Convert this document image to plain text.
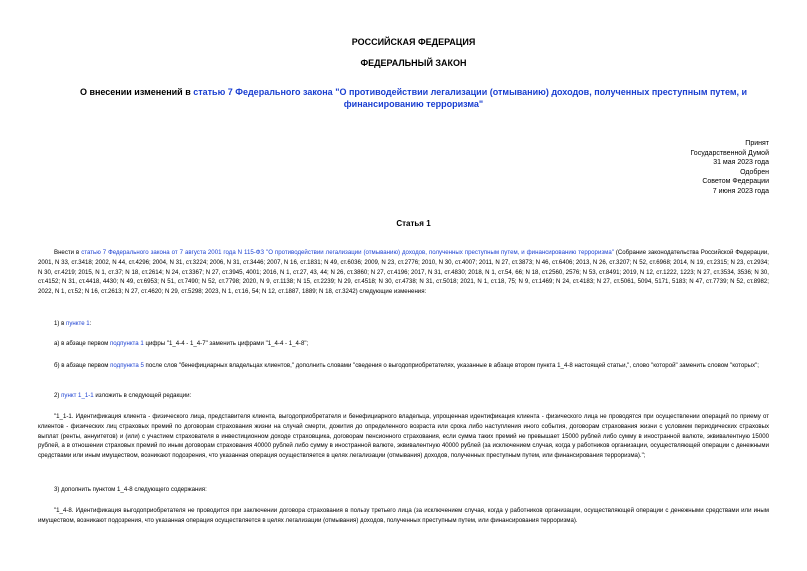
РОССИЙСКАЯ ФЕДЕРАЦИЯ
ФЕДЕРАЛЬНЫЙ ЗАКОН
О внесении изменений в статью 7 Федерального закона "О противодействии легализации (отмыванию) доходов, полученных преступным путем, и финансированию терроризма"
Принят
Государственной Думой
31 мая 2023 года
Одобрен
Советом Федерации
7 июня 2023 года
Статья 1
Внести в статью 7 Федерального закона от 7 августа 2001 года N 115-ФЗ "О противодействии легализации (отмыванию) доходов, полученных преступным путем, и финансированию терроризма" (Собрание законодательства Российской Федерации, 2001, N 33, ст.3418; 2002, N 44, ст.4296; 2004, N 31, ст.3224; 2006, N 31, ст.3446; 2007, N 16, ст.1831; N 49, ст.6036; 2009, N 23, ст.2776; 2010, N 30, ст.4007; 2011, N 27, ст.3873; N 46, ст.6406; 2013, N 26, ст.3207; N 52, ст.6968; 2014, N 19, ст.2315; N 23, ст.2934; N 30, ст.4219; 2015, N 1, ст.37; N 18, ст.2614; N 24, ст.3367; N 27, ст.3945, 4001; 2016, N 1, ст.27, 43, 44; N 26, ст.3860; N 27, ст.4196; 2017, N 31, ст.4830; 2018, N 1, ст.54, 66; N 18, ст.2560, 2576; N 53, ст.8491; 2019, N 12, ст.1222, 1223; N 27, ст.3534, 3536; N 30, ст.4152; N 31, ст.4418, 4430; N 49, ст.6953; N 51, ст.7490; N 52, ст.7798; 2020, N 9, ст.1138; N 15, ст.2239; N 29, ст.4518; N 30, ст.4738; N 31, ст.5018; 2021, N 1, ст.18, 75; N 9, ст.1469; N 24, ст.4183; N 27, ст.5061, 5094, 5171, 5183; N 47, ст.7739; N 52, ст.8982; 2022, N 1, ст.52; N 16, ст.2613; N 27, ст.4620; N 29, ст.5298; 2023, N 1, ст.16, 54; N 12, ст.1887, 1889; N 18, ст.3242) следующие изменения:
1) в пункте 1:
а) в абзаце первом подпункта 1 цифры "1_4-4 - 1_4-7" заменить цифрами "1_4-4 - 1_4-8";
б) в абзаце первом подпункта 5 после слов "бенефициарных владельцах клиентов," дополнить словами "сведения о выгодоприобретателях, указанные в абзаце втором пункта 1_4-8 настоящей статьи,", слово "которой" заменить словом "которых";
2) пункт 1_1-1 изложить в следующей редакции:
"1_1-1. Идентификация клиента - физического лица, представителя клиента, выгодоприобретателя и бенефициарного владельца, упрощенная идентификация клиента - физического лица не проводятся при осуществлении операций по приему от клиентов - физических лиц страховых премий по договорам страхования жизни на случай смерти, дожития до определенного возраста или срока либо наступления иного события, договорам страхования жизни с условием периодических страховых выплат (ренты, аннуитетов) и (или) с участием страхователя в инвестиционном доходе страховщика, договорам пенсионного страхования, если сумма таких премий не превышает 15000 рублей либо сумму в иностранной валюте, эквивалентную 15000 рублей, а в отношении страховых премий по иным договорам страхования 40000 рублей либо сумму в иностранной валюте, эквивалентную 40000 рублей (за исключением случая, когда у работников организации, осуществляющей операции с денежными средствами или иным имуществом, возникают подозрения, что указанная операция осуществляется в целях легализации (отмывания) доходов, полученных преступным путем, или финансирования терроризма).";
3) дополнить пунктом 1_4-8 следующего содержания:
"1_4-8. Идентификация выгодоприобретателя не проводится при заключении договора страхования в пользу третьего лица (за исключением случая, когда у работников организации, осуществляющей операции с денежными средствами или иным имуществом, возникают подозрения, что указанная операция осуществляется в целях легализации (отмывания) доходов, полученных преступным путем, или финансирования терроризма).
